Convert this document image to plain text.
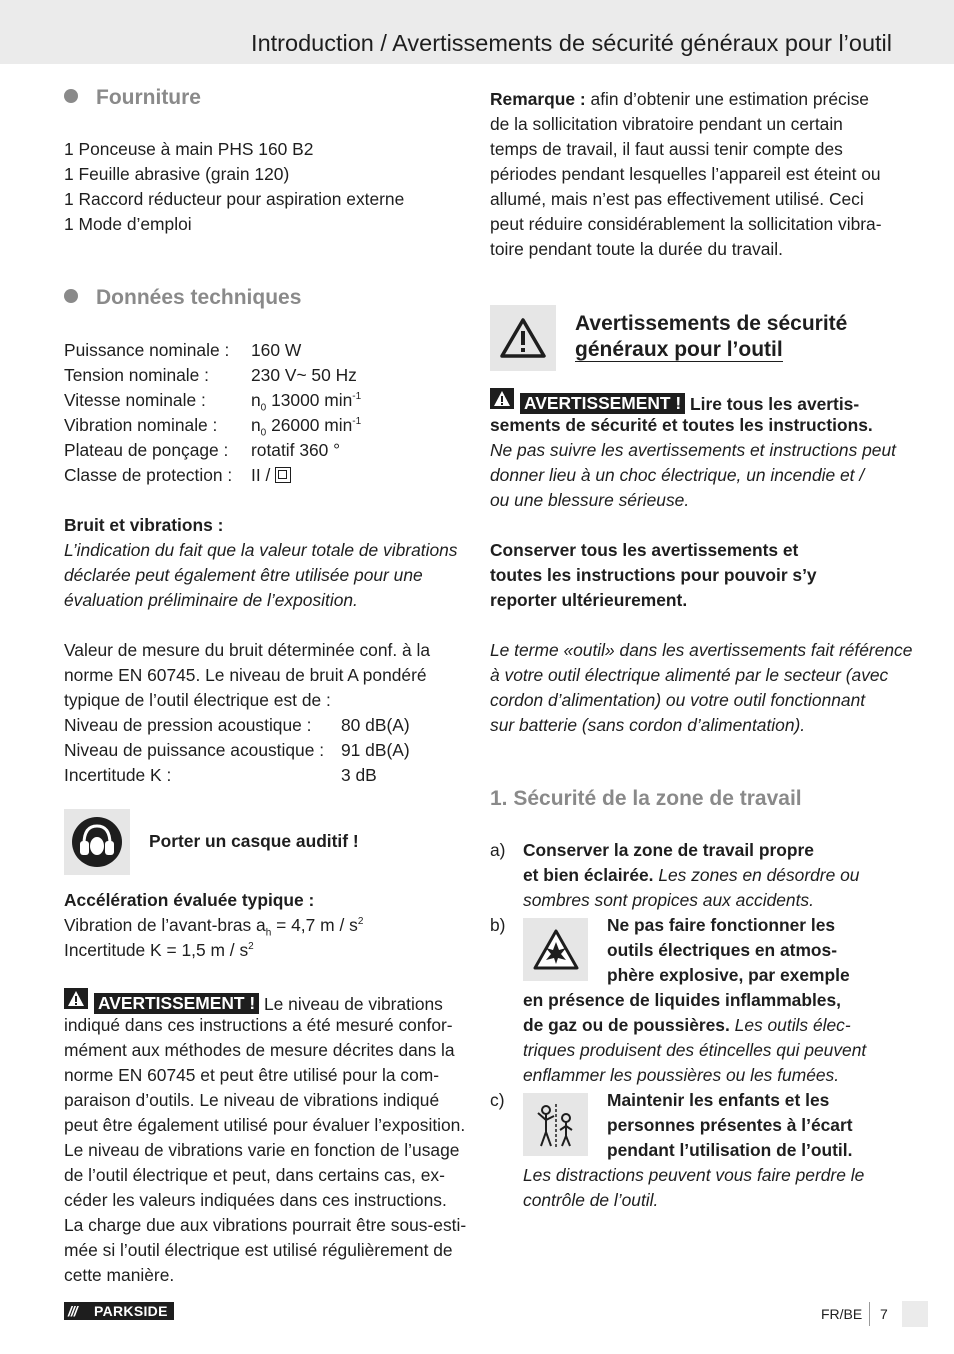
Introduction / Avertissements de sécurité généraux pour l’outil
Fourniture
1 Ponceuse à main PHS 160 B2
1 Feuille abrasive (grain 120)
1 Raccord réducteur pour aspiration externe
1 Mode d’emploi
Données techniques
Puissance nominale : 160 W
Tension nominale : 230 V~ 50 Hz
Vitesse nominale :	$n_0$ 13000 $\min^{-1}$
Vibration nominale : $n_0$ 26000 $\min^{-1}$
Plateau de ponçage : rotatif 360 °
Classe de protection : II /
Bruit et vibrations :
L’indication du fait que la valeur totale de vibrations
déclarée peut également être utilisée pour une
évaluation préliminaire de l’exposition.
Valeur de mesure du bruit déterminée conf. à la
norme EN 60745. Le niveau de bruit A pondéré
typique de l’outil électrique est de :
Niveau de pression acoustique : 80 dB(A)
Niveau de puissance acoustique : 91 dB(A)
Incertitude K :	3 dB
Porter un casque auditif !
Accélération évaluée typique :
Vibration de l’avant-bras $a_h = 4,7$ m / $s^2$
Incertitude K = 1,5 m / $s^2$
AVERTISSEMENT ! Le niveau de vibrations
indiqué dans ces instructions a été mesuré confor-
mément aux méthodes de mesure décrites dans la
norme EN 60745 et peut être utilisé pour la com-
paraison d’outils. Le niveau de vibrations indiqué
peut être également utilisé pour évaluer l’exposition.
Le niveau de vibrations varie en fonction de l’usage
de l’outil électrique et peut, dans certains cas, ex-
céder les valeurs indiquées dans ces instructions.
La charge due aux vibrations pourrait être sous-esti-
mée si l’outil électrique est utilisé régulièrement de
cette manière.
Remarque : afin d’obtenir une estimation précise
de la sollicitation vibratoire pendant un certain
temps de travail, il faut aussi tenir compte des
périodes pendant lesquelles l’appareil est éteint ou
allumé, mais n’est pas effectivement utilisé. Ceci
peut réduire considérablement la sollicitation vibra-
toire pendant toute la durée du travail.
Avertissements de sécurité
généraux pour l’outil
AVERTISSEMENT ! Lire tous les avertis-
sements de sécurité et toutes les instructions.
Ne pas suivre les avertissements et instructions peut
donner lieu à un choc électrique, un incendie et /
ou une blessure sérieuse.
Conserver tous les avertissements et
toutes les instructions pour pouvoir s’y
reporter ultérieurement.
Le terme «outil» dans les avertissements fait référence
à votre outil électrique alimenté par le secteur (avec
cordon d’alimentation) ou votre outil fonctionnant
sur batterie (sans cordon d’alimentation).
1. Sécurité de la zone de travail
a) Conserver la zone de travail propre
et bien éclairée. Les zones en désordre ou
sombres sont propices aux accidents.
b)	Ne pas faire fonctionner les
outils électriques en atmos-
phère explosive, par exemple
en présence de liquides inflammables,
de gaz ou de poussières. Les outils élec-
triques produisent des étincelles qui peuvent
enflammer les poussières ou les fumées.
c)	Maintenir les enfants et les
personnes présentes à l’écart
pendant l’utilisation de l’outil.
Les distractions peuvent vous faire perdre le
contrôle de l’outil.
/// PARKSIDE	FR/BE 7
